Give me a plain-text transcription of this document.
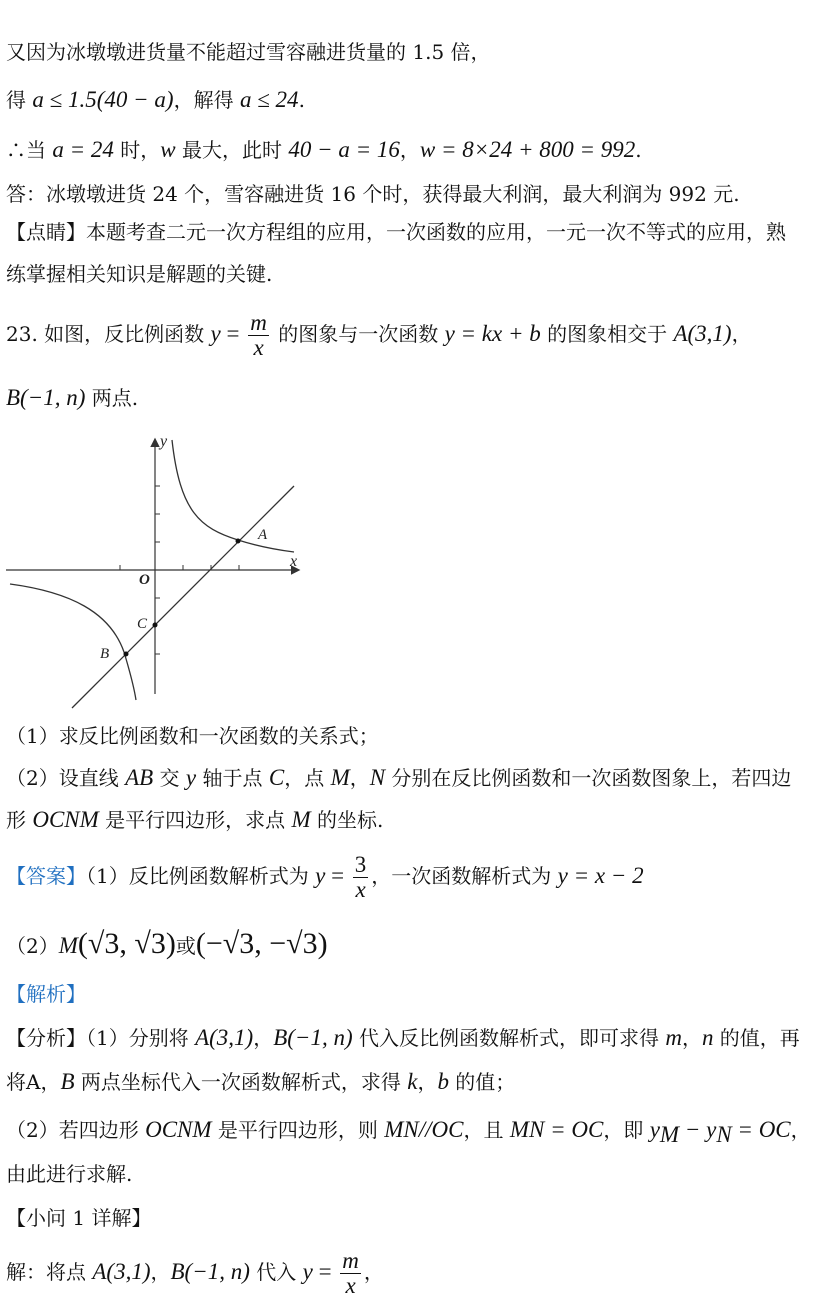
又因为冰墩墩进货量不能超过雪容融进货量的 1.5 倍，
得 a ≤ 1.5(40 − a)，解得 a ≤ 24.
∴当 a = 24 时，w 最大，此时 40 − a = 16，w = 8×24 + 800 = 992.
答：冰墩墩进货 24 个，雪容融进货 16 个时，获得最大利润，最大利润为 992 元.
【点睛】本题考查二元一次方程组的应用，一次函数的应用，一元一次不等式的应用，熟
练掌握相关知识是解题的关键.
23. 如图，反比例函数 $y = \frac{m}{x}$ 的图象与一次函数 y = kx + b 的图象相交于 A(3,1)，
B(−1, n) 两点.
y
x
O
A
B
C
（1）求反比例函数和一次函数的关系式；
（2）设直线 AB 交 y 轴于点 C，点 M，N 分别在反比例函数和一次函数图象上，若四边
形 OCNM 是平行四边形，求点 M 的坐标.
【答案】（1）反比例函数解析式为 $y = \frac{3}{x}$ ，一次函数解析式为 y = x − 2
（2）M(√3, √3)或(−√3, −√3)
【解析】
【分析】（1）分别将 A(3,1)，B(−1, n) 代入反比例函数解析式，即可求得 m，n 的值，再
将A，B 两点坐标代入一次函数解析式，求得 k，b 的值；
（2）若四边形 OCNM 是平行四边形，则 MN//OC，且 MN = OC，即 $y_M - y_N$ = OC，
由此进行求解.
【小问 1 详解】
解：将点 A(3,1)，B(−1, n) 代入 $y = \frac{m}{x}$ ，
